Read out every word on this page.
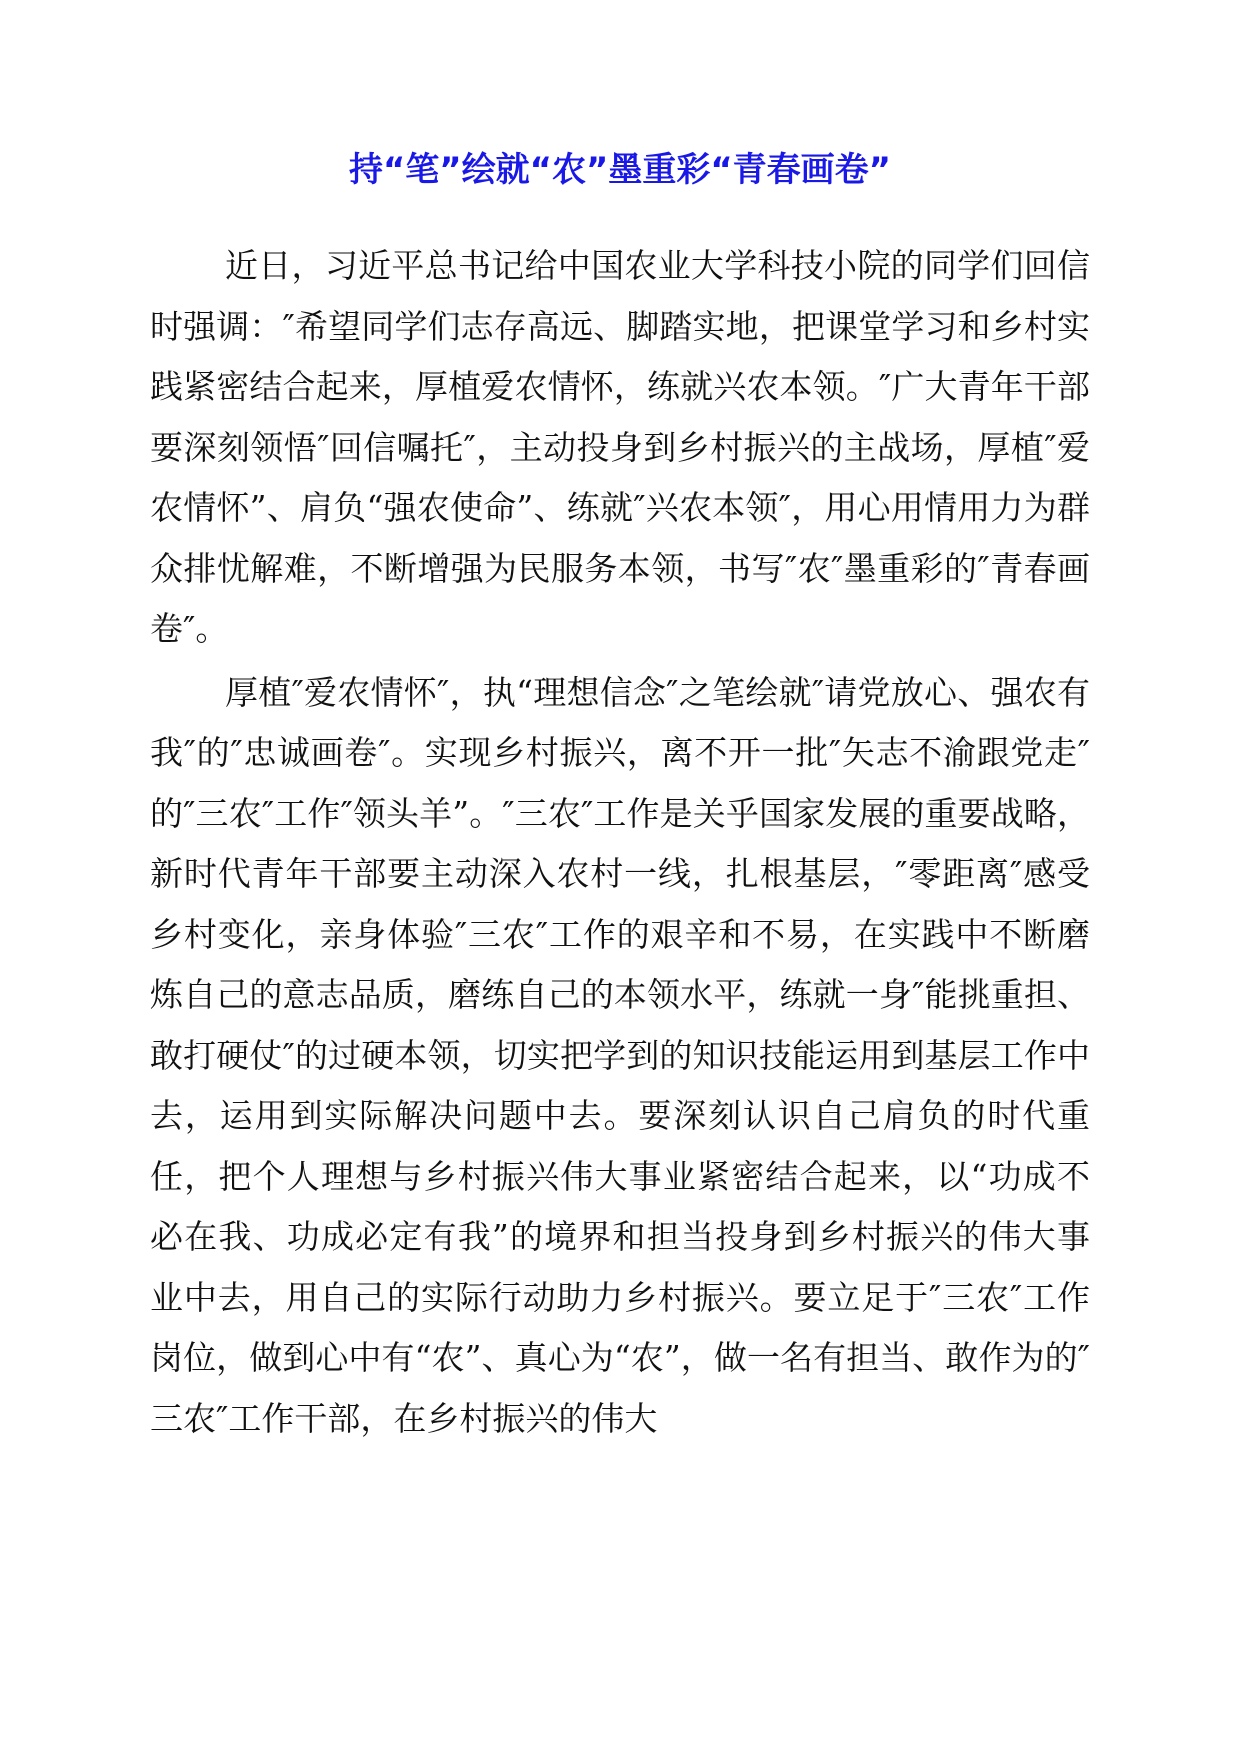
持“笔”绘就“农”墨重彩“青春画卷”

近日，习近平总书记给中国农业大学科技小院的同学们回信时强调：″希望同学们志存高远、脚踏实地，把课堂学习和乡村实践紧密结合起来，厚植爱农情怀，练就兴农本领。″广大青年干部要深刻领悟″回信嘱托″，主动投身到乡村振兴的主战场，厚植″爱农情怀”、肩负“强农使命”、练就″兴农本领″，用心用情用力为群众排忧解难，不断增强为民服务本领，书写″农″墨重彩的″青春画卷″。

厚植″爱农情怀″，执“理想信念″之笔绘就″请党放心、强农有我″的″忠诚画卷″。实现乡村振兴，离不开一批″矢志不渝跟党走″的″三农″工作″领头羊”。″三农″工作是关乎国家发展的重要战略，新时代青年干部要主动深入农村一线，扎根基层，″零距离″感受乡村变化，亲身体验″三农″工作的艰辛和不易，在实践中不断磨炼自己的意志品质，磨练自己的本领水平，练就一身″能挑重担、敢打硬仗″的过硬本领，切实把学到的知识技能运用到基层工作中去，运用到实际解决问题中去。要深刻认识自己肩负的时代重任，把个人理想与乡村振兴伟大事业紧密结合起来，以“功成不必在我、功成必定有我”的境界和担当投身到乡村振兴的伟大事业中去，用自己的实际行动助力乡村振兴。要立足于″三农″工作岗位，做到心中有“农”、真心为“农”，做一名有担当、敢作为的″三农″工作干部，在乡村振兴的伟大
